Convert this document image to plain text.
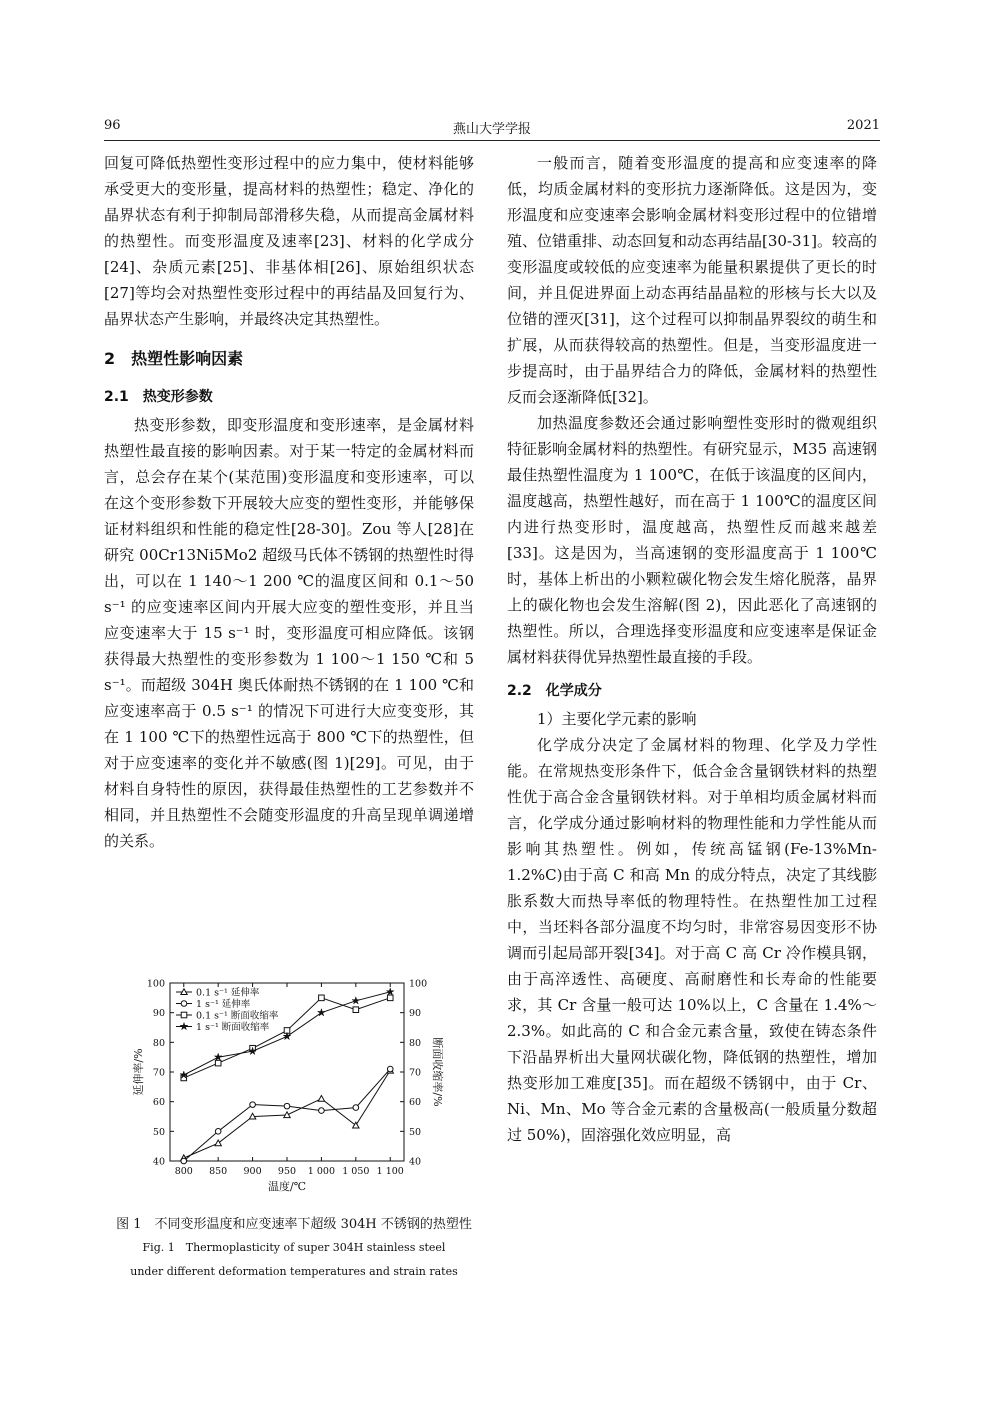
96	燕山大学学报	2021

回复可降低热塑性变形过程中的应力集中，使材料能够承受更大的变形量，提高材料的热塑性；稳定、净化的晶界状态有利于抑制局部滑移失稳，从而提高金属材料的热塑性。而变形温度及速率[23]、材料的化学成分[24]、杂质元素[25]、非基体相[26]、原始组织状态[27]等均会对热塑性变形过程中的再结晶及回复行为、晶界状态产生影响，并最终决定其热塑性。

2　热塑性影响因素
2.1　热变形参数

热变形参数，即变形温度和变形速率，是金属材料热塑性最直接的影响因素。对于某一特定的金属材料而言，总会存在某个(某范围)变形温度和变形速率，可以在这个变形参数下开展较大应变的塑性变形，并能够保证材料组织和性能的稳定性[28-30]。Zou 等人[28]在研究 00Cr13Ni5Mo2 超级马氏体不锈钢的热塑性时得出，可以在 1 140～1 200 ℃的温度区间和 0.1～50 s⁻¹ 的应变速率区间内开展大应变的塑性变形，并且当应变速率大于 15 s⁻¹ 时，变形温度可相应降低。该钢获得最大热塑性的变形参数为 1 100～1 150 ℃和 5 s⁻¹。而超级 304H 奥氏体耐热不锈钢的在 1 100 ℃和应变速率高于 0.5 s⁻¹ 的情况下可进行大应变变形，其在 1 100 ℃下的热塑性远高于 800 ℃下的热塑性，但对于应变速率的变化并不敏感(图 1)[29]。可见，由于材料自身特性的原因，获得最佳热塑性的工艺参数并不相同，并且热塑性不会随变形温度的升高呈现单调递增的关系。

一般而言，随着变形温度的提高和应变速率的降低，均质金属材料的变形抗力逐渐降低。这是因为，变形温度和应变速率会影响金属材料变形过程中的位错增殖、位错重排、动态回复和动态再结晶[30-31]。较高的变形温度或较低的应变速率为能量积累提供了更长的时间，并且促进界面上动态再结晶晶粒的形核与长大以及位错的湮灭[31]，这个过程可以抑制晶界裂纹的萌生和扩展，从而获得较高的热塑性。但是，当变形温度进一步提高时，由于晶界结合力的降低，金属材料的热塑性反而会逐渐降低[32]。

加热温度参数还会通过影响塑性变形时的微观组织特征影响金属材料的热塑性。有研究显示，M35 高速钢最佳热塑性温度为 1 100℃，在低于该温度的区间内，温度越高，热塑性越好，而在高于 1 100℃的温度区间内进行热变形时，温度越高，热塑性反而越来越差[33]。这是因为，当高速钢的变形温度高于 1 100℃时，基体上析出的小颗粒碳化物会发生熔化脱落，晶界上的碳化物也会发生溶解(图 2)，因此恶化了高速钢的热塑性。所以，合理选择变形温度和应变速率是保证金属材料获得优异热塑性最直接的手段。

2.2　化学成分

1）主要化学元素的影响

化学成分决定了金属材料的物理、化学及力学性能。在常规热变形条件下，低合金含量钢铁材料的热塑性优于高合金含量钢铁材料。对于单相均质金属材料而言，化学成分通过影响材料的物理性能和力学性能从而影响其热塑性。例如，传统高锰钢(Fe-13%Mn-1.2%C)由于高 C 和高 Mn 的成分特点，决定了其线膨胀系数大而热导率低的物理特性。在热塑性加工过程中，当坯料各部分温度不均匀时，非常容易因变形不协调而引起局部开裂[34]。对于高 C 高 Cr 冷作模具钢，由于高淬透性、高硬度、高耐磨性和长寿命的性能要求，其 Cr 含量一般可达 10%以上，C 含量在 1.4%～2.3%。如此高的 C 和合金元素含量，致使在铸态条件下沿晶界析出大量网状碳化物，降低钢的热塑性，增加热变形加工难度[35]。而在超级不锈钢中，由于 Cr、Ni、Mn、Mo 等合金元素的含量极高(一般质量分数超过 50%)，固溶强化效应明显，高

800 850 900 950 1 000 1 050 1 100
40	40
50	50
60	60
70	70
80	80
90	90
100	100
温度/℃
延伸率/%	断面收缩率/%
0.1 s⁻¹ 延伸率
1 s⁻¹ 延伸率
0.1 s⁻¹ 断面收缩率
1 s⁻¹ 断面收缩率
图 1　不同变形温度和应变速率下超级 304H 不锈钢的热塑性
Fig. 1　Thermoplasticity of super 304H stainless steel
under different deformation temperatures and strain rates
